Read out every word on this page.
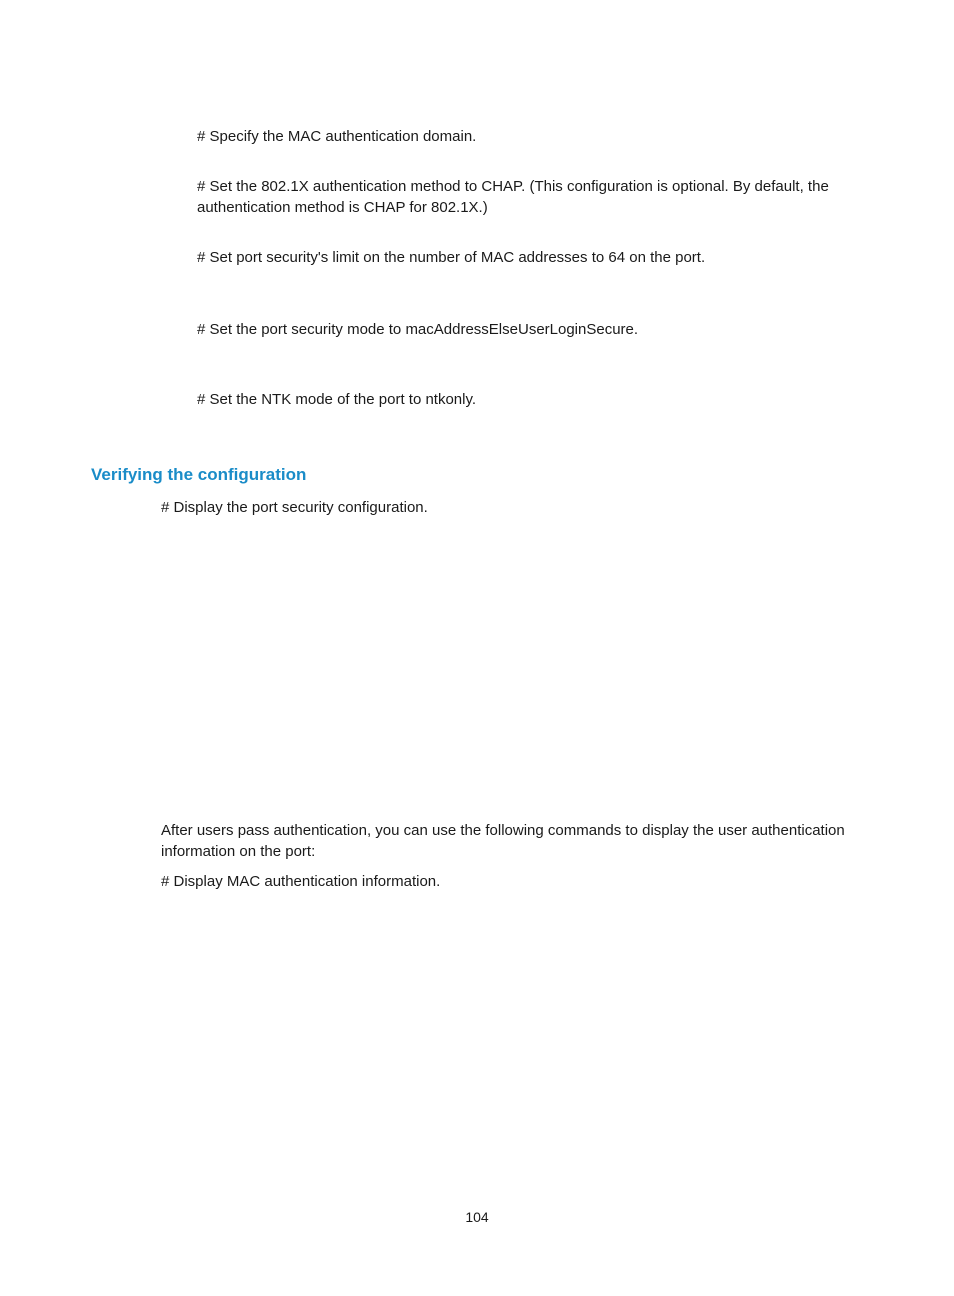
# Specify the MAC authentication domain.

# Set the 802.1X authentication method to CHAP. (This configuration is optional. By default, the authentication method is CHAP for 802.1X.)

# Set port security's limit on the number of MAC addresses to 64 on the port.

# Set the port security mode to macAddressElseUserLoginSecure.

# Set the NTK mode of the port to ntkonly.

Verifying the configuration

# Display the port security configuration.

After users pass authentication, you can use the following commands to display the user authentication information on the port:

# Display MAC authentication information.

104
